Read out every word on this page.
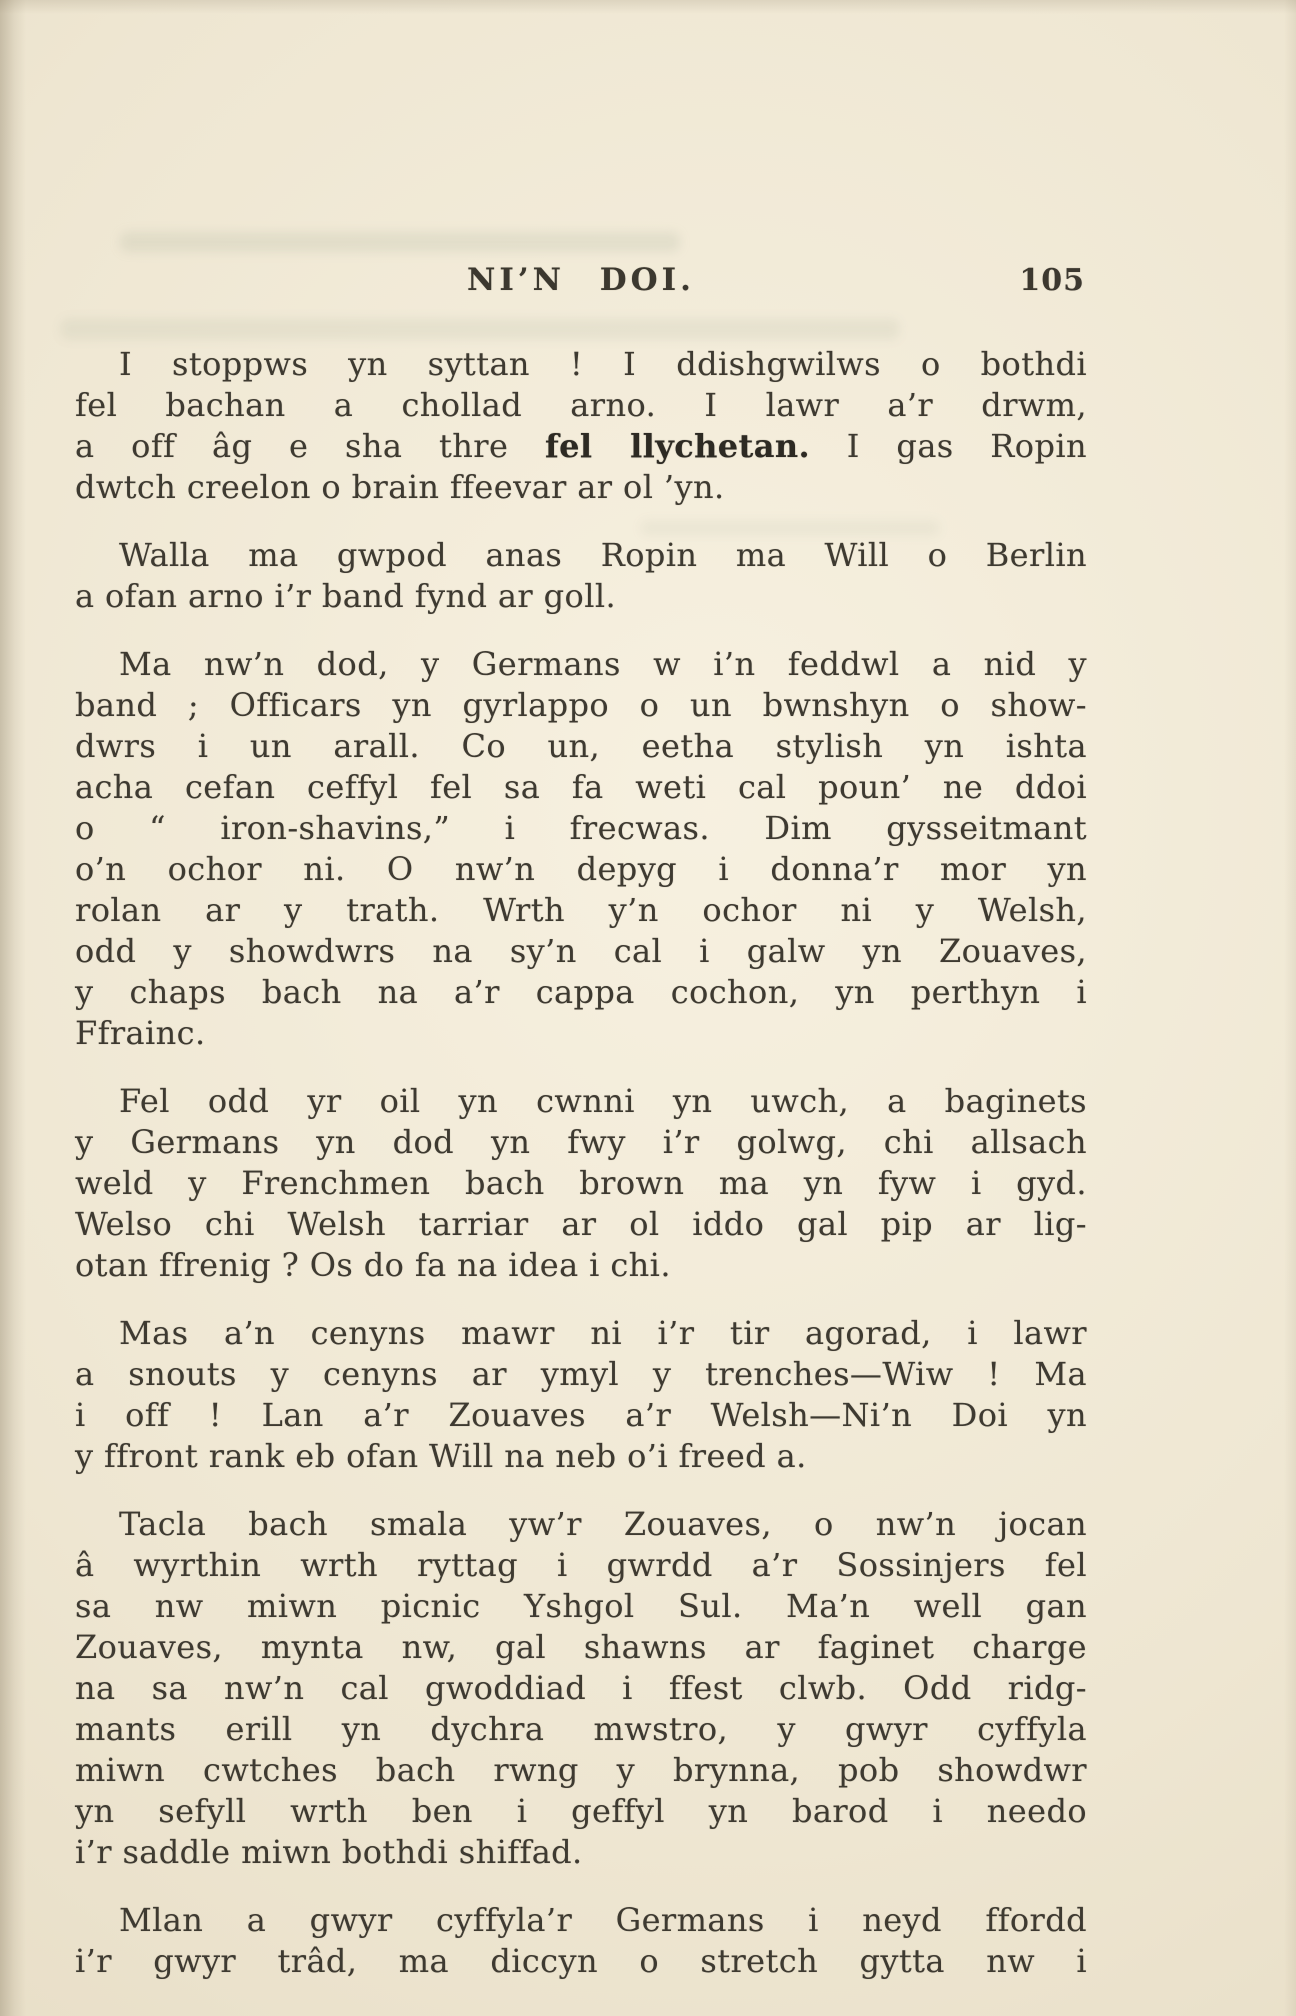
NI’N DOI.	105
I stoppws yn syttan ! I ddishgwilws o bothdi
fel bachan a chollad arno. I lawr a’r drwm,
a off âg e sha thre fel llychetan. I gas Ropin
dwtch creelon o brain ffeevar ar ol ’yn.
Walla ma gwpod anas Ropin ma Will o Berlin
a ofan arno i’r band fynd ar goll.
Ma nw’n dod, y Germans w i’n feddwl a nid y
band ; Officars yn gyrlappo o un bwnshyn o show-
dwrs i un arall. Co un, eetha stylish yn ishta
acha cefan ceffyl fel sa fa weti cal poun’ ne ddoi
o “ iron-shavins,” i frecwas. Dim gysseitmant
o’n ochor ni. O nw’n depyg i donna’r mor yn
rolan ar y trath. Wrth y’n ochor ni y Welsh,
odd y showdwrs na sy’n cal i galw yn Zouaves,
y chaps bach na a’r cappa cochon, yn perthyn i
Ffrainc.
Fel odd yr oil yn cwnni yn uwch, a baginets
y Germans yn dod yn fwy i’r golwg, chi allsach
weld y Frenchmen bach brown ma yn fyw i gyd.
Welso chi Welsh tarriar ar ol iddo gal pip ar lig-
otan ffrenig ? Os do fa na idea i chi.
Mas a’n cenyns mawr ni i’r tir agorad, i lawr
a snouts y cenyns ar ymyl y trenches—Wiw ! Ma
i off ! Lan a’r Zouaves a’r Welsh—Ni’n Doi yn
y ffront rank eb ofan Will na neb o’i freed a.
Tacla bach smala yw’r Zouaves, o nw’n jocan
â wyrthin wrth ryttag i gwrdd a’r Sossinjers fel
sa nw miwn picnic Yshgol Sul. Ma’n well gan
Zouaves, mynta nw, gal shawns ar faginet charge
na sa nw’n cal gwoddiad i ffest clwb. Odd ridg-
mants erill yn dychra mwstro, y gwyr cyffyla
miwn cwtches bach rwng y brynna, pob showdwr
yn sefyll wrth ben i geffyl yn barod i needo
i’r saddle miwn bothdi shiffad.
Mlan a gwyr cyffyla’r Germans i neyd ffordd
i’r gwyr trâd, ma diccyn o stretch gytta nw i
